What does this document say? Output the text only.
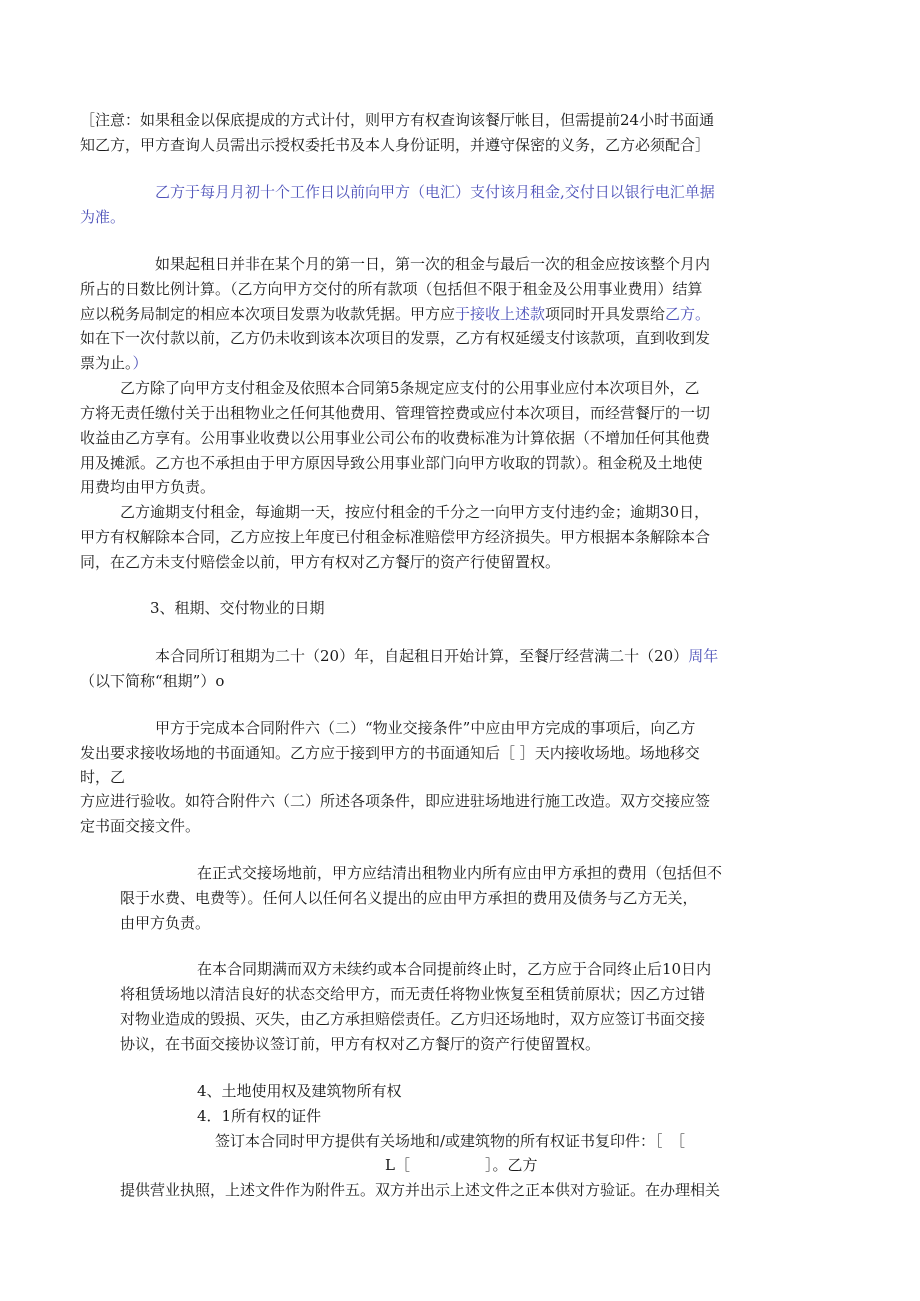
［注意：如果租金以保底提成的方式计付，则甲方有权查询该餐厅帐目，但需提前24小时书面通

知乙方，甲方查询人员需出示授权委托书及本人身份证明，并遵守保密的义务，乙方必须配合］

乙方于每月月初十个工作日以前向甲方（电汇）支付该月租金,交付日以银行电汇单据

为准。

如果起租日并非在某个月的第一日，第一次的租金与最后一次的租金应按该整个月内

所占的日数比例计算。（乙方向甲方交付的所有款项（包括但不限于租金及公用事业费用）结算

应以税务局制定的相应本次项目发票为收款凭据。甲方应于接收上述款项同时开具发票给乙方。

如在下一次付款以前，乙方仍未收到该本次项目的发票，乙方有权延缓支付该款项，直到收到发

票为止。）

乙方除了向甲方支付租金及依照本合同第5条规定应支付的公用事业应付本次项目外，乙

方将无责任缴付关于出租物业之任何其他费用、管理管控费或应付本次项目，而经营餐厅的一切

收益由乙方享有。公用事业收费以公用事业公司公布的收费标准为计算依据（不增加任何其他费

用及摊派。乙方也不承担由于甲方原因导致公用事业部门向甲方收取的罚款）。租金税及土地使

用费均由甲方负责。

乙方逾期支付租金，每逾期一天，按应付租金的千分之一向甲方支付违约金；逾期30日，

甲方有权解除本合同，乙方应按上年度已付租金标准赔偿甲方经济损失。甲方根据本条解除本合

同，在乙方未支付赔偿金以前，甲方有权对乙方餐厅的资产行使留置权。

3、租期、交付物业的日期

本合同所订租期为二十（20）年，自起租日开始计算，至餐厅经营满二十（20）周年

（以下简称“租期”）o

甲方于完成本合同附件六（二）“物业交接条件”中应由甲方完成的事项后，向乙方

发出要求接收场地的书面通知。乙方应于接到甲方的书面通知后［ ］天内接收场地。场地移交

时，乙

方应进行验收。如符合附件六（二）所述各项条件，即应进驻场地进行施工改造。双方交接应签

定书面交接文件。

在正式交接场地前，甲方应结清出租物业内所有应由甲方承担的费用（包括但不

限于水费、电费等）。任何人以任何名义提出的应由甲方承担的费用及债务与乙方无关，

由甲方负责。

在本合同期满而双方未续约或本合同提前终止时，乙方应于合同终止后10日内

将租赁场地以清洁良好的状态交给甲方，而无责任将物业恢复至租赁前原状；因乙方过错

对物业造成的毁损、灭失，由乙方承担赔偿责任。乙方归还场地时，双方应签订书面交接

协议，在书面交接协议签订前，甲方有权对乙方餐厅的资产行使留置权。

4、土地使用权及建筑物所有权

4．1所有权的证件

签订本合同时甲方提供有关场地和/或建筑物的所有权证书复印件：［　［

L［　　　　　］。乙方

提供营业执照，上述文件作为附件五。双方并出示上述文件之正本供对方验证。在办理相关
